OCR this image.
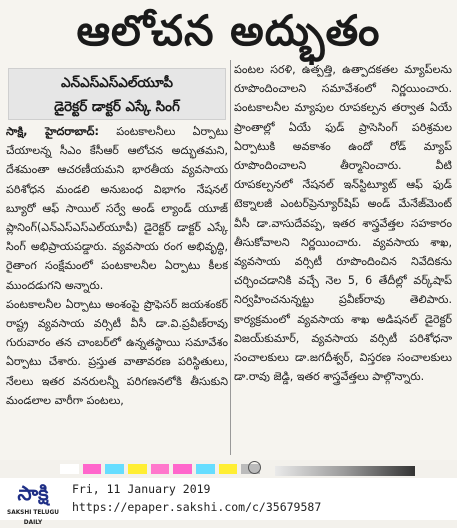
ఆలోచన అద్భుతం
ఎన్ఎస్ఎస్ఎల్‌యూపీ
డైరెక్టర్ డాక్టర్ ఎస్కే సింగ్

సాక్షి, హైదరాబాద్: పంటకాలనీలు ఏర్పాటు చేయాలన్న సీఎం కేసీఆర్ ఆలోచన అద్భుతమని, దేశమంతా ఆచరణీయమని భారతీయ వ్యవసాయ పరిశోధన మండలి అనుబంధ విభాగం నేషనల్ బ్యూరో ఆఫ్ సాయిల్ సర్వే అండ్ ల్యాండ్ యూజ్ ప్లానింగ్(ఎన్ఎస్ఎస్ఎల్‌యూపీ) డైరెక్టర్ డాక్టర్ ఎస్కే సింగ్ అభిప్రాయపడ్డారు. వ్యవసాయ రంగ అభివృద్ధి, రైతాంగ సంక్షేమంలో పంటకాలనీల ఏర్పాటు కీలక ముందడుగని అన్నారు.

పంటకాలనీల ఏర్పాటు అంశంపై ప్రొఫెసర్ జయశంకర్ రాష్ట్ర వ్యవసాయ వర్సిటీ వీసీ డా.వి.ప్రవీణ్‌రావు గురువారం తన చాంబర్‌లో ఉన్నతస్థాయి సమావేశం ఏర్పాటు చేశారు. ప్రస్తుత వాతావరణ పరిస్థితులు, నేలలు ఇతర వనరులన్నీ పరిగణనలోకి తీసుకుని మండలాల వారీగా పంటలు,

పంటల సరళి, ఉత్పత్తి, ఉత్పాదకతల మ్యాప్‌లను రూపొందించాలని సమావేశంలో నిర్ణయించారు. పంటకాలనీల మ్యాపుల రూపకల్పన తర్వాత ఏయే ప్రాంతాల్లో ఏయే ఫుడ్ ప్రాసెసింగ్ పరిశ్రమల ఏర్పాటుకి అవకాశం ఉందో రోడ్ మ్యాప్ రూపొందించాలని తీర్మానించారు. వీటి రూపకల్పనలో నేషనల్ ఇన్‌స్టిట్యూట్ ఆఫ్ ఫుడ్ టెక్నాలజీ ఎంటర్‌ప్రెన్యూర్‌షిప్ అండ్ మేనేజ్‌మెంట్ వీసీ డా.వాసుదేవప్ప, ఇతర శాస్త్రవేత్తల సహకారం తీసుకోవాలని నిర్ణయించారు. వ్యవసాయ శాఖ, వ్యవసాయ వర్సిటీ రూపొందించిన నివేదికను చర్చించడానికి వచ్చే నెల 5, 6 తేదీల్లో వర్క్‌షాప్ నిర్వహించనున్నట్టు ప్రవీణ్‌రావు తెలిపారు. కార్యక్రమంలో వ్యవసాయ శాఖ అడిషనల్ డైరెక్టర్ విజయ్‌కుమార్, వ్యవసాయ వర్సిటీ పరిశోధనా సంచాలకులు డా.జగదీశ్వర్, విస్తరణ సంచాలకులు డా.రావు జెడ్డి, ఇతర శాస్త్రవేత్తలు పాల్గొన్నారు.

సాక్షి
SAKSHI TELUGU DAILY
Fri, 11 January 2019
https://epaper.sakshi.com/c/35679587
